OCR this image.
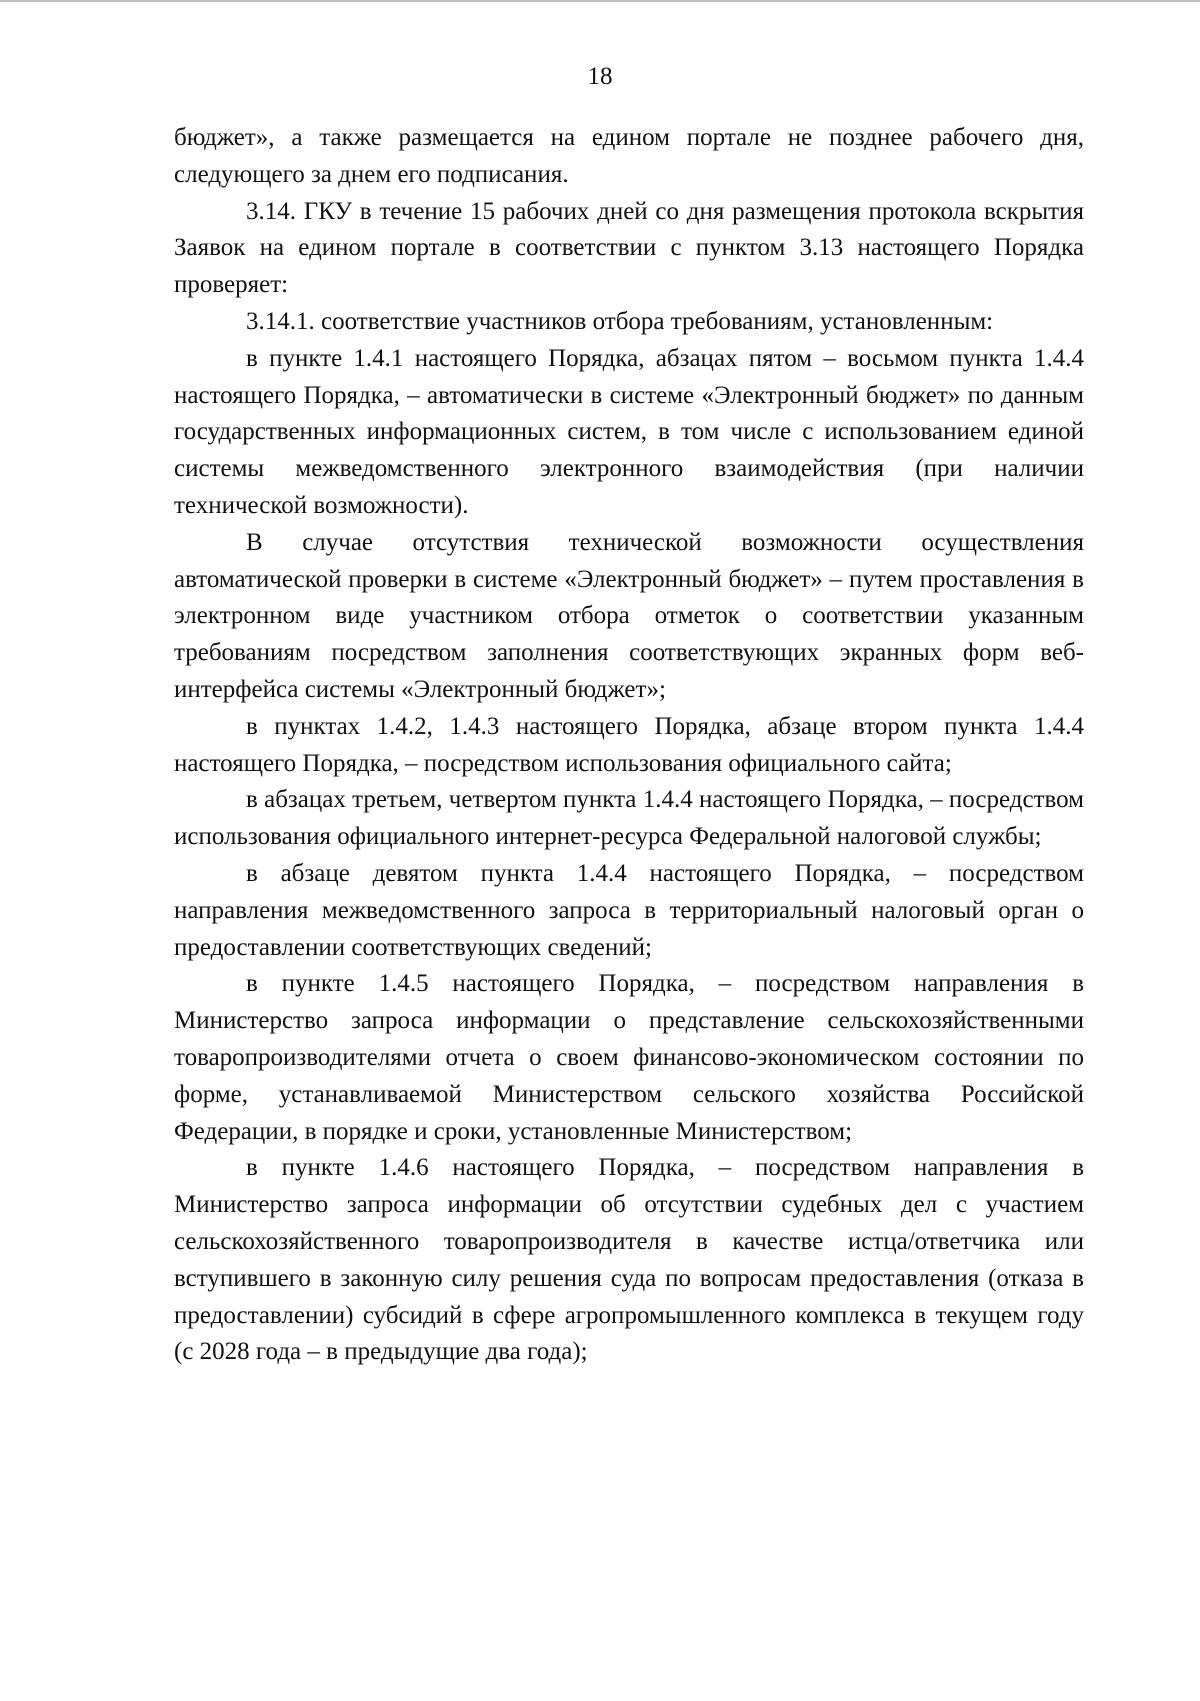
18

бюджет», а также размещается на едином портале не позднее рабочего дня, следующего за днем его подписания.

3.14. ГКУ в течение 15 рабочих дней со дня размещения протокола вскрытия Заявок на едином портале в соответствии с пунктом 3.13 настоящего Порядка проверяет:

3.14.1. соответствие участников отбора требованиям, установленным:

в пункте 1.4.1 настоящего Порядка, абзацах пятом – восьмом пункта 1.4.4 настоящего Порядка, – автоматически в системе «Электронный бюджет» по данным государственных информационных систем, в том числе с использованием единой системы межведомственного электронного взаимодействия (при наличии технической возможности).

В случае отсутствия технической возможности осуществления автоматической проверки в системе «Электронный бюджет» – путем проставления в электронном виде участником отбора отметок о соответствии указанным требованиям посредством заполнения соответствующих экранных форм веб-интерфейса системы «Электронный бюджет»;

в пунктах 1.4.2, 1.4.3 настоящего Порядка, абзаце втором пункта 1.4.4 настоящего Порядка, – посредством использования официального сайта;

в абзацах третьем, четвертом пункта 1.4.4 настоящего Порядка, – посредством использования официального интернет-ресурса Федеральной налоговой службы;

в абзаце девятом пункта 1.4.4 настоящего Порядка, – посредством направления межведомственного запроса в территориальный налоговый орган о предоставлении соответствующих сведений;

в пункте 1.4.5 настоящего Порядка, – посредством направления в Министерство запроса информации о представление сельскохозяйственными товаропроизводителями отчета о своем финансово-экономическом состоянии по форме, устанавливаемой Министерством сельского хозяйства Российской Федерации, в порядке и сроки, установленные Министерством;

в пункте 1.4.6 настоящего Порядка, – посредством направления в Министерство запроса информации об отсутствии судебных дел с участием сельскохозяйственного товаропроизводителя в качестве истца/ответчика или вступившего в законную силу решения суда по вопросам предоставления (отказа в предоставлении) субсидий в сфере агропромышленного комплекса в текущем году (с 2028 года – в предыдущие два года);
